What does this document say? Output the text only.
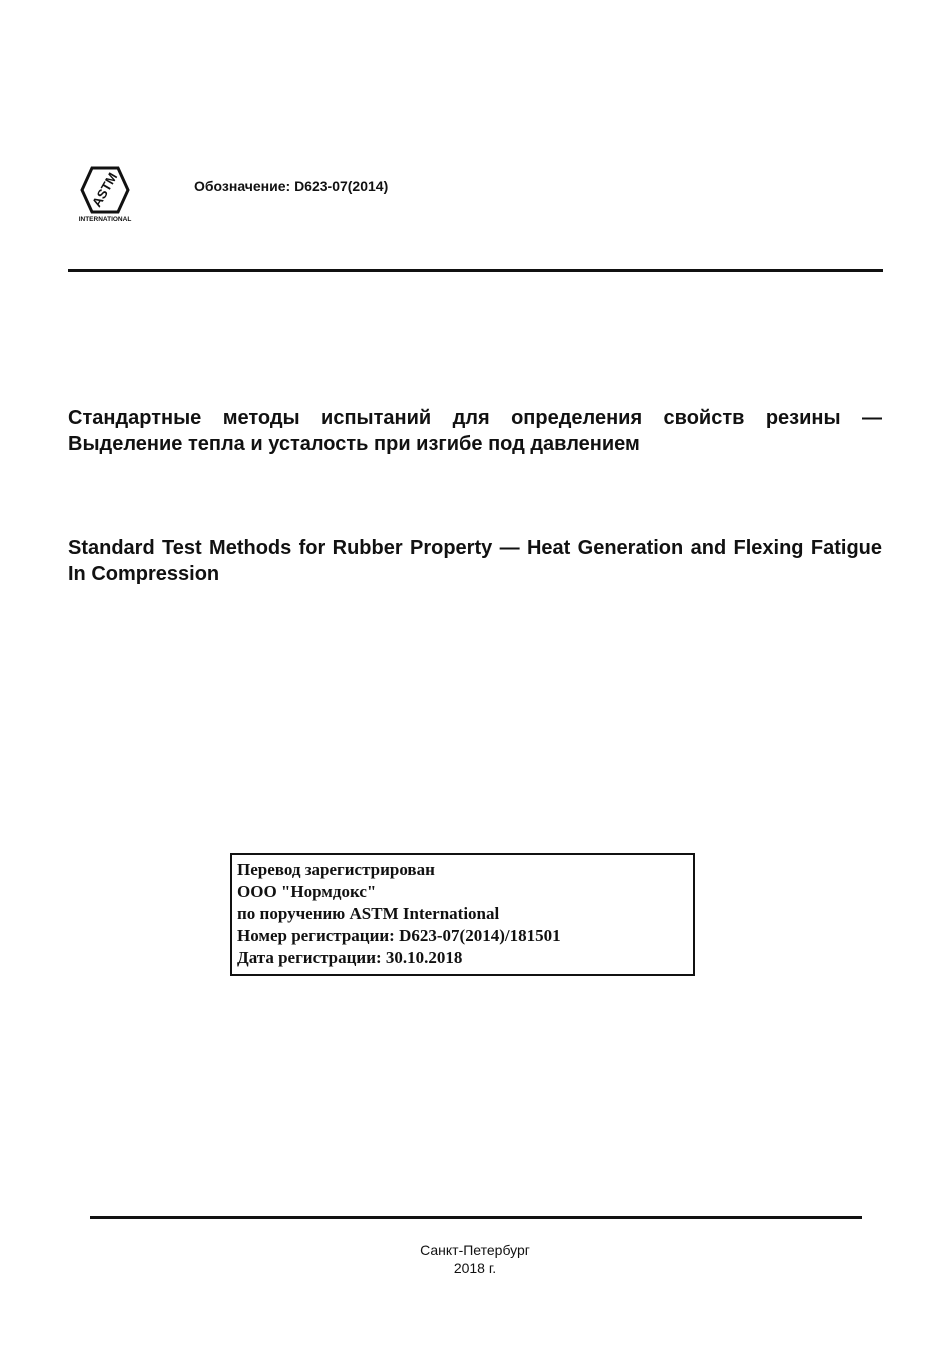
ASTM
INTERNATIONAL
Обозначение: D623-07(2014)
Стандартные методы испытаний для определения свойств резины — Выделение тепла и усталость при изгибе под давлением
Standard Test Methods for Rubber Property — Heat Generation and Flexing Fatigue In Compression
Перевод зарегистрирован
ООО "Нормдокс"
по поручению ASTM International
Номер регистрации: D623-07(2014)/181501
Дата регистрации: 30.10.2018
Санкт-Петербург
2018 г.
